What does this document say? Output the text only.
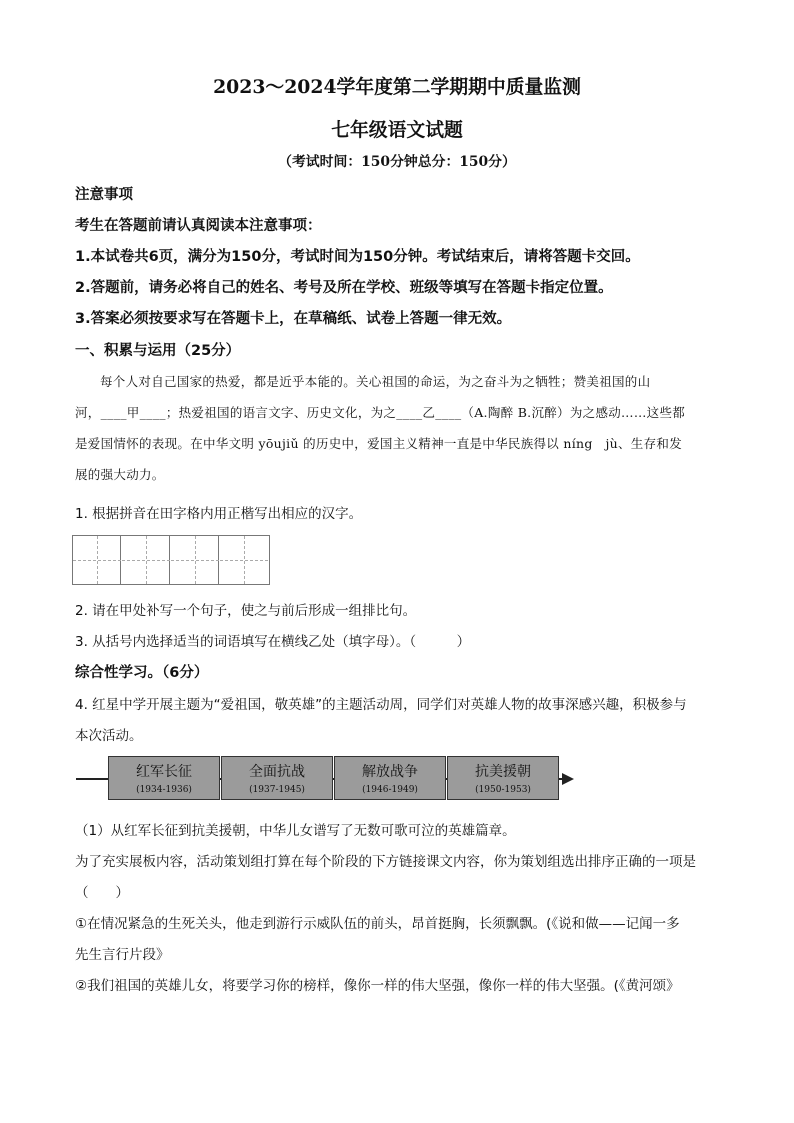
2023～2024学年度第二学期期中质量监测
七年级语文试题
（考试时间：150分钟总分：150分）
注意事项
考生在答题前请认真阅读本注意事项：
1.本试卷共6页，满分为150分，考试时间为150分钟。考试结束后，请将答题卡交回。
2.答题前，请务必将自己的姓名、考号及所在学校、班级等填写在答题卡指定位置。
3.答案必须按要求写在答题卡上，在草稿纸、试卷上答题一律无效。
一、积累与运用（25分）
每个人对自己国家的热爱，都是近乎本能的。关心祖国的命运，为之奋斗为之牺牲；赞美祖国的山
河，____甲____；热爱祖国的语言文字、历史文化，为之____乙____（A.陶醉 B.沉醉）为之感动……这些都
是爱国情怀的表现。在中华文明 yōujiǔ 的历史中，爱国主义精神一直是中华民族得以 níng　jù、生存和发
展的强大动力。
1. 根据拼音在田字格内用正楷写出相应的汉字。
2. 请在甲处补写一个句子，使之与前后形成一组排比句。
3. 从括号内选择适当的词语填写在横线乙处（填字母）。（　　　）
综合性学习。（6分）
4. 红星中学开展主题为“爱祖国，敬英雄”的主题活动周，同学们对英雄人物的故事深感兴趣，积极参与
本次活动。
红军长征
(1934-1936)
全面抗战
(1937-1945)
解放战争
(1946-1949)
抗美援朝
(1950-1953)
（1）从红军长征到抗美援朝，中华儿女谱写了无数可歌可泣的英雄篇章。
为了充实展板内容，活动策划组打算在每个阶段的下方链接课文内容，你为策划组选出排序正确的一项是
（　　）
①在情况紧急的生死关头，他走到游行示威队伍的前头，昂首挺胸，长须飘飘。(《说和做——记闻一多
先生言行片段》
②我们祖国的英雄儿女，将要学习你的榜样，像你一样的伟大坚强，像你一样的伟大坚强。(《黄河颂》
